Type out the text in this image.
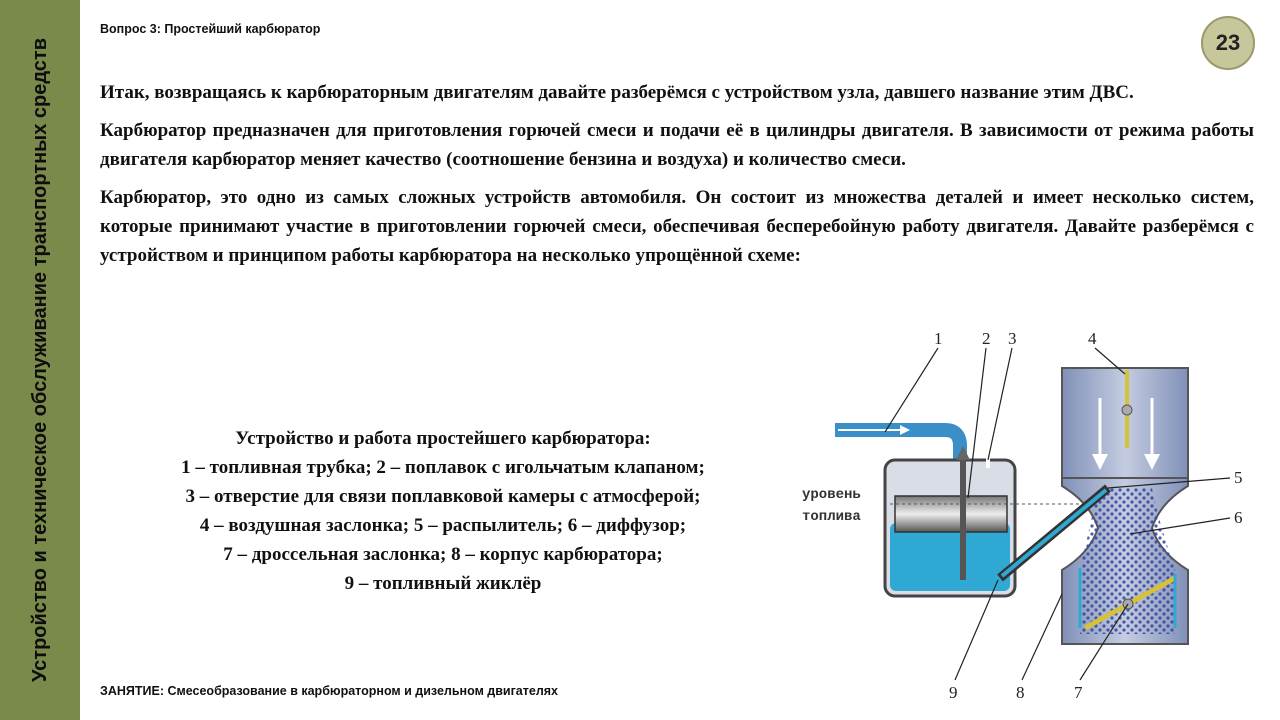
Устройство и техническое обслуживание транспортных средств
Вопрос 3: Простейший карбюратор
23

Итак, возвращаясь к карбюраторным двигателям давайте разберёмся с устройством узла, давшего название этим ДВС.

Карбюратор предназначен для приготовления горючей смеси и подачи её в цилиндры двигателя. В зависимости от режима работы двигателя карбюратор меняет качество (соотношение бензина и воздуха) и количество смеси.

Карбюратор, это одно из самых сложных устройств автомобиля. Он состоит из множества деталей и имеет несколько систем, которые принимают участие в приготовлении горючей смеси, обеспечивая бесперебойную работу двигателя. Давайте разберёмся с устройством и принципом работы карбюратора на несколько упрощённой схеме:

Устройство и работа простейшего карбюратора:
1 – топливная трубка; 2 – поплавок с игольчатым клапаном;
3 – отверстие для связи поплавковой камеры с атмосферой;
4 – воздушная заслонка; 5 – распылитель; 6 – диффузор;
7 – дроссельная заслонка; 8 – корпус карбюратора;
9 – топливный жиклёр
уровень
топлива
1 2 3	4
5
6
7
8
9
ЗАНЯТИЕ: Смесеобразование в карбюраторном и дизельном двигателях
